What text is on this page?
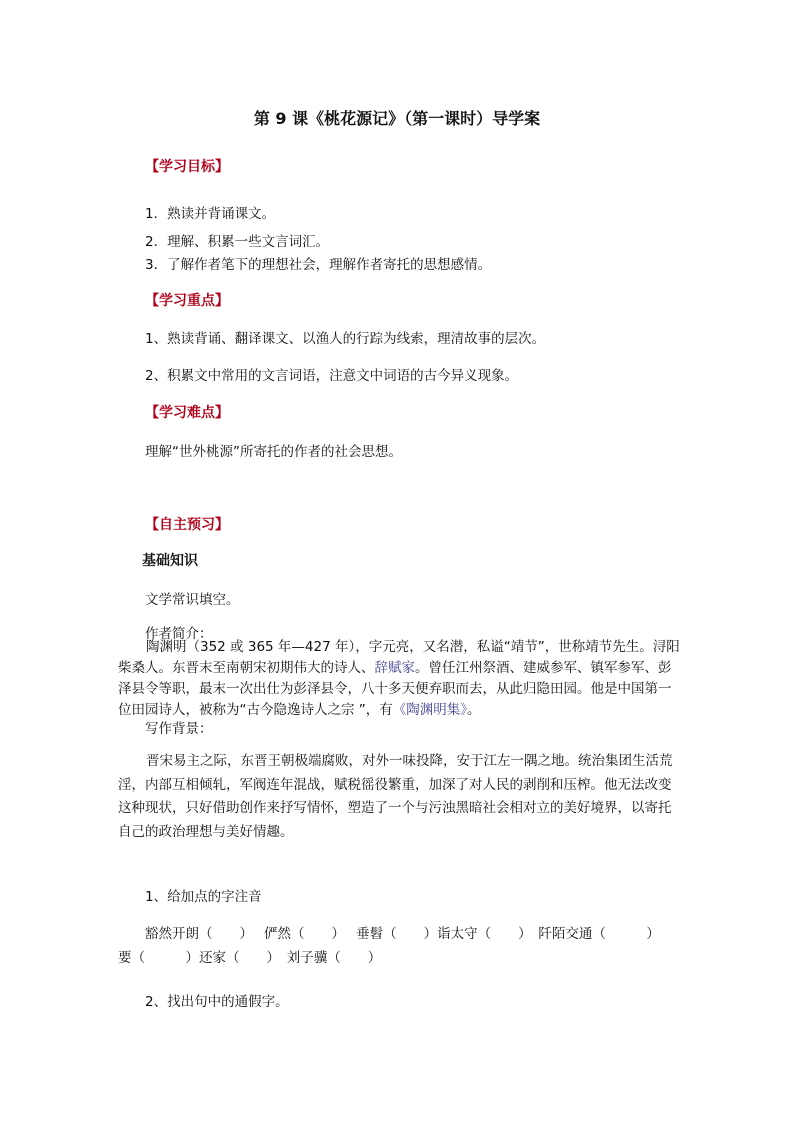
第 9 课《桃花源记》（第一课时）导学案
【学习目标】
1．熟读并背诵课文。
2．理解、积累一些文言词汇。
3．了解作者笔下的理想社会，理解作者寄托的思想感情。
【学习重点】
1、熟读背诵、翻译课文、以渔人的行踪为线索，理清故事的层次。
2、积累文中常用的文言词语，注意文中词语的古今异义现象。
【学习难点】
理解“世外桃源”所寄托的作者的社会思想。
【自主预习】
基础知识
文学常识填空。
作者简介：
陶渊明（352 或 365 年—427 年），字元亮，又名潜，私谥“靖节”，世称靖节先生。浔阳柴桑人。东晋末至南朝宋初期伟大的诗人、辞赋家。曾任江州祭酒、建威参军、镇军参军、彭泽县令等职，最末一次出仕为彭泽县令，八十多天便弃职而去，从此归隐田园。他是中国第一位田园诗人，被称为“古今隐逸诗人之宗 ”，有《陶渊明集》。
写作背景：
晋宋易主之际，东晋王朝极端腐败，对外一味投降，安于江左一隅之地。统治集团生活荒淫，内部互相倾轧，军阀连年混战，赋税徭役繁重，加深了对人民的剥削和压榨。他无法改变这种现状，只好借助创作来抒写情怀，塑造了一个与污浊黑暗社会相对立的美好境界，以寄托自己的政治理想与美好情趣。
1、给加点的字注音
豁然开朗（　　）　 俨然（　　）　 垂髫（　　）诣太守（　　）　阡陌交通（　　　）
要（　　　）还家（　　）　刘子骥（　　）
2、找出句中的通假字。
